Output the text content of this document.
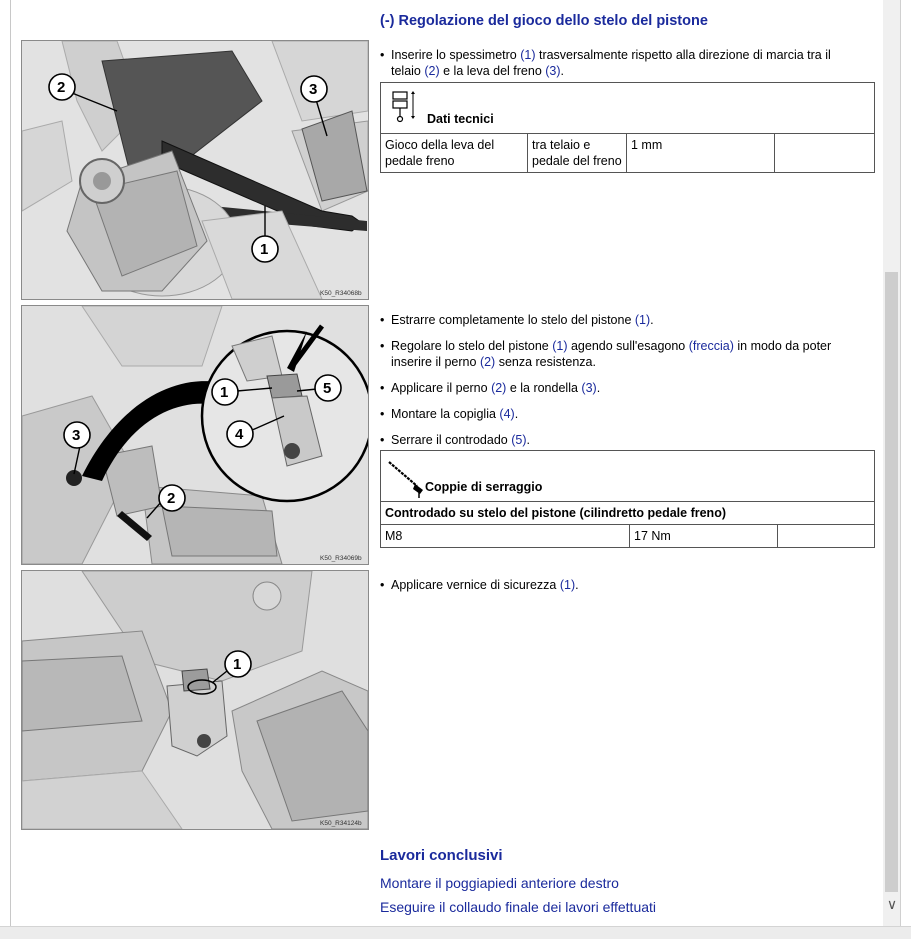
2	3
1
K50_R34068b
1	5
4
3
2
K50_R34069b
1
K50_R34124b
(-) Regolazione del gioco dello stelo del pistone
• Inserire lo spessimetro (1) trasversalmente rispetto alla direzione di marcia tra il telaio (2) e la leva del freno (3).
Dati tecnici

Gioco della leva del pedale freno	tra telaio e pedale del freno	1 mm	
• Estrarre completamente lo stelo del pistone (1).
• Regolare lo stelo del pistone (1) agendo sull'esagono (freccia) in modo da poter inserire il perno (2) senza resistenza.
• Applicare il perno (2) e la rondella (3).
• Montare la copiglia (4).
• Serrare il controdado (5).
Coppie di serraggio

Controdado su stelo del pistone (cilindretto pedale freno)
M8	17 Nm	
• Applicare vernice di sicurezza (1).
Lavori conclusivi
Montare il poggiapiedi anteriore destro
Eseguire il collaudo finale dei lavori effettuati	∨
